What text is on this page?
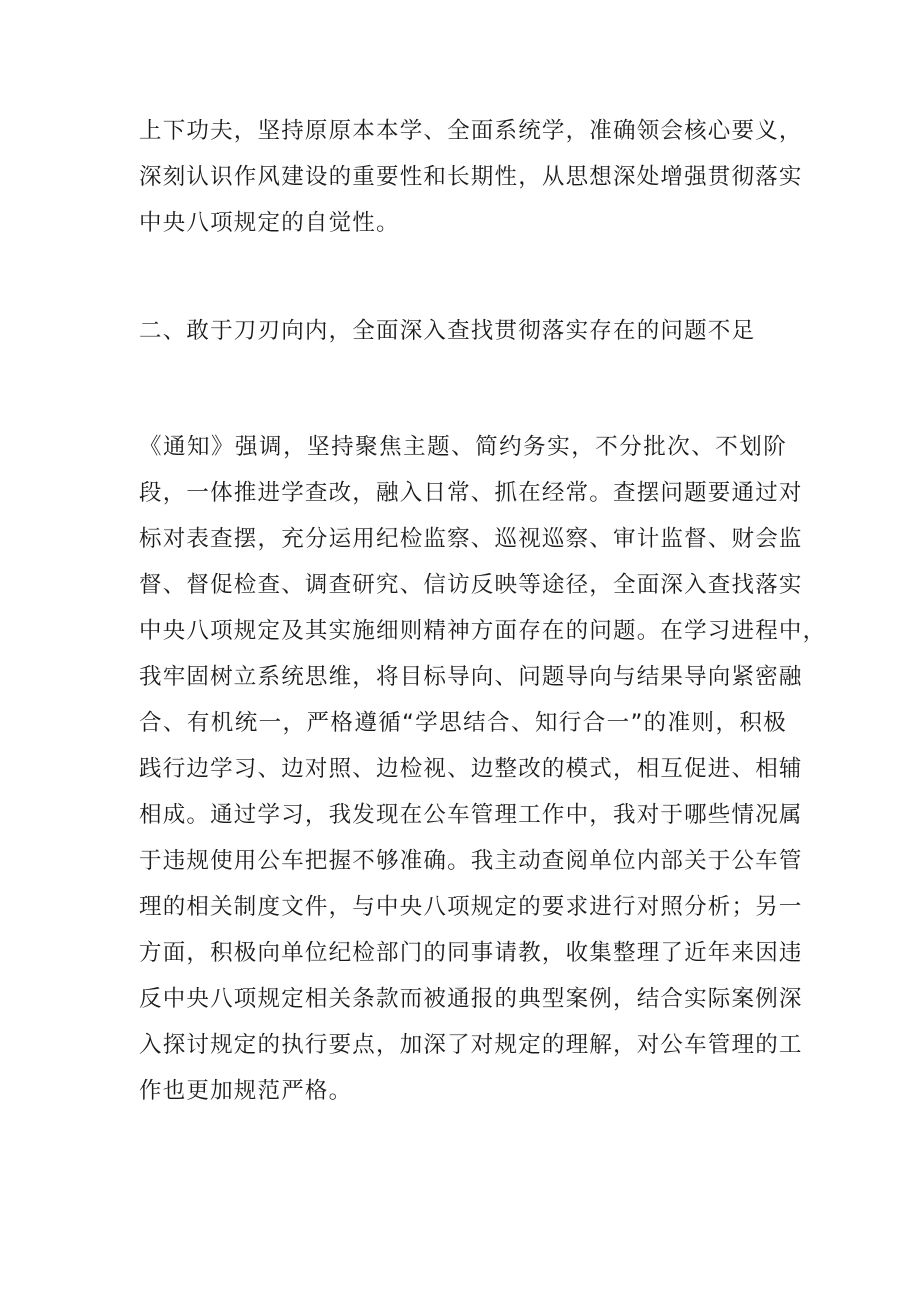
上下功夫，坚持原原本本学、全面系统学，准确领会核心要义，
深刻认识作风建设的重要性和长期性，从思想深处增强贯彻落实
中央八项规定的自觉性。
二、敢于刀刃向内，全面深入查找贯彻落实存在的问题不足
《通知》强调，坚持聚焦主题、简约务实，不分批次、不划阶
段，一体推进学查改，融入日常、抓在经常。查摆问题要通过对
标对表查摆，充分运用纪检监察、巡视巡察、审计监督、财会监
督、督促检查、调查研究、信访反映等途径，全面深入查找落实
中央八项规定及其实施细则精神方面存在的问题。在学习进程中，
我牢固树立系统思维，将目标导向、问题导向与结果导向紧密融
合、有机统一，严格遵循“学思结合、知行合一”的准则，积极
践行边学习、边对照、边检视、边整改的模式，相互促进、相辅
相成。通过学习，我发现在公车管理工作中，我对于哪些情况属
于违规使用公车把握不够准确。我主动查阅单位内部关于公车管
理的相关制度文件，与中央八项规定的要求进行对照分析；另一
方面，积极向单位纪检部门的同事请教，收集整理了近年来因违
反中央八项规定相关条款而被通报的典型案例，结合实际案例深
入探讨规定的执行要点，加深了对规定的理解，对公车管理的工
作也更加规范严格。
